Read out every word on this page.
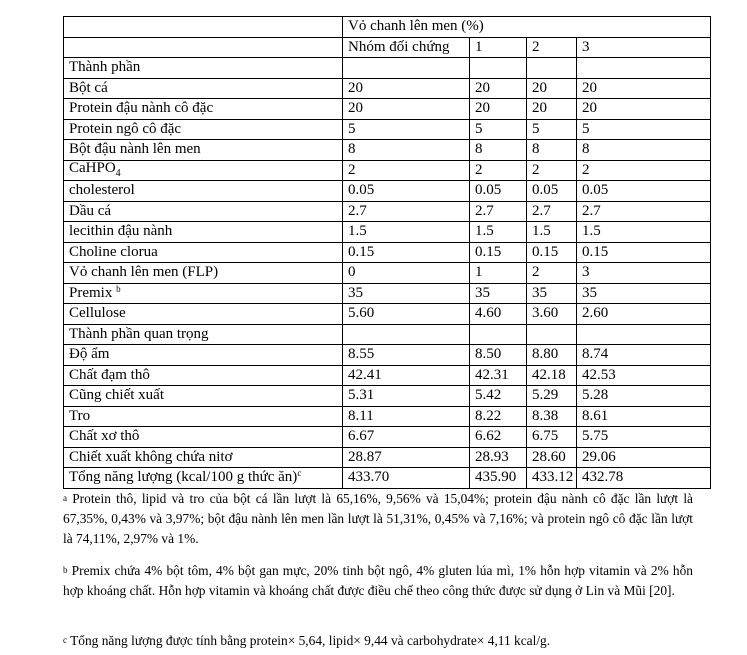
	Vỏ chanh lên men (%)			
	Nhóm đối chứng	1	2	3
Thành phần				
Bột cá	20	20	20	20
Protein đậu nành cô đặc	20	20	20	20
Protein ngô cô đặc	5	5	5	5
Bột đậu nành lên men	8	8	8	8
CaHPO$_4$	2	2	2	2
cholesterol	0.05	0.05	0.05	0.05
Dầu cá	2.7	2.7	2.7	2.7
lecithin đậu nành	1.5	1.5	1.5	1.5
Choline clorua	0.15	0.15	0.15	0.15
Vỏ chanh lên men (FLP)	0	1	2	3
Premix $^b$	35	35	35	35
Cellulose	5.60	4.60	3.60	2.60
Thành phần quan trọng				
Độ ẩm	8.55	8.50	8.80	8.74
Chất đạm thô	42.41	42.31	42.18	42.53
Cũng chiết xuất	5.31	5.42	5.29	5.28
Tro	8.11	8.22	8.38	8.61
Chất xơ thô	6.67	6.62	6.75	5.75
Chiết xuất không chứa nitơ	28.87	28.93	28.60	29.06
Tổng năng lượng (kcal/100 g thức ăn)$^c$	433.70	435.90	433.12	432.78
$^a$ Protein thô, lipid và tro của bột cá lần lượt là 65,16%, 9,56% và 15,04%; protein đậu nành cô đặc lần lượt là 67,35%, 0,43% và 3,97%; bột đậu nành lên men lần lượt là 51,31%, 0,45% và 7,16%; và protein ngô cô đặc lần lượt là 74,11%, 2,97% và 1%.
$^b$ Premix chứa 4% bột tôm, 4% bột gan mực, 20% tinh bột ngô, 4% gluten lúa mì, 1% hỗn hợp vitamin và 2% hỗn hợp khoáng chất. Hỗn hợp vitamin và khoáng chất được điều chế theo công thức được sử dụng ở Lin và Mũi [20].
$^c$ Tổng năng lượng được tính bằng protein× 5,64, lipid× 9,44 và carbohydrate× 4,11 kcal/g.
